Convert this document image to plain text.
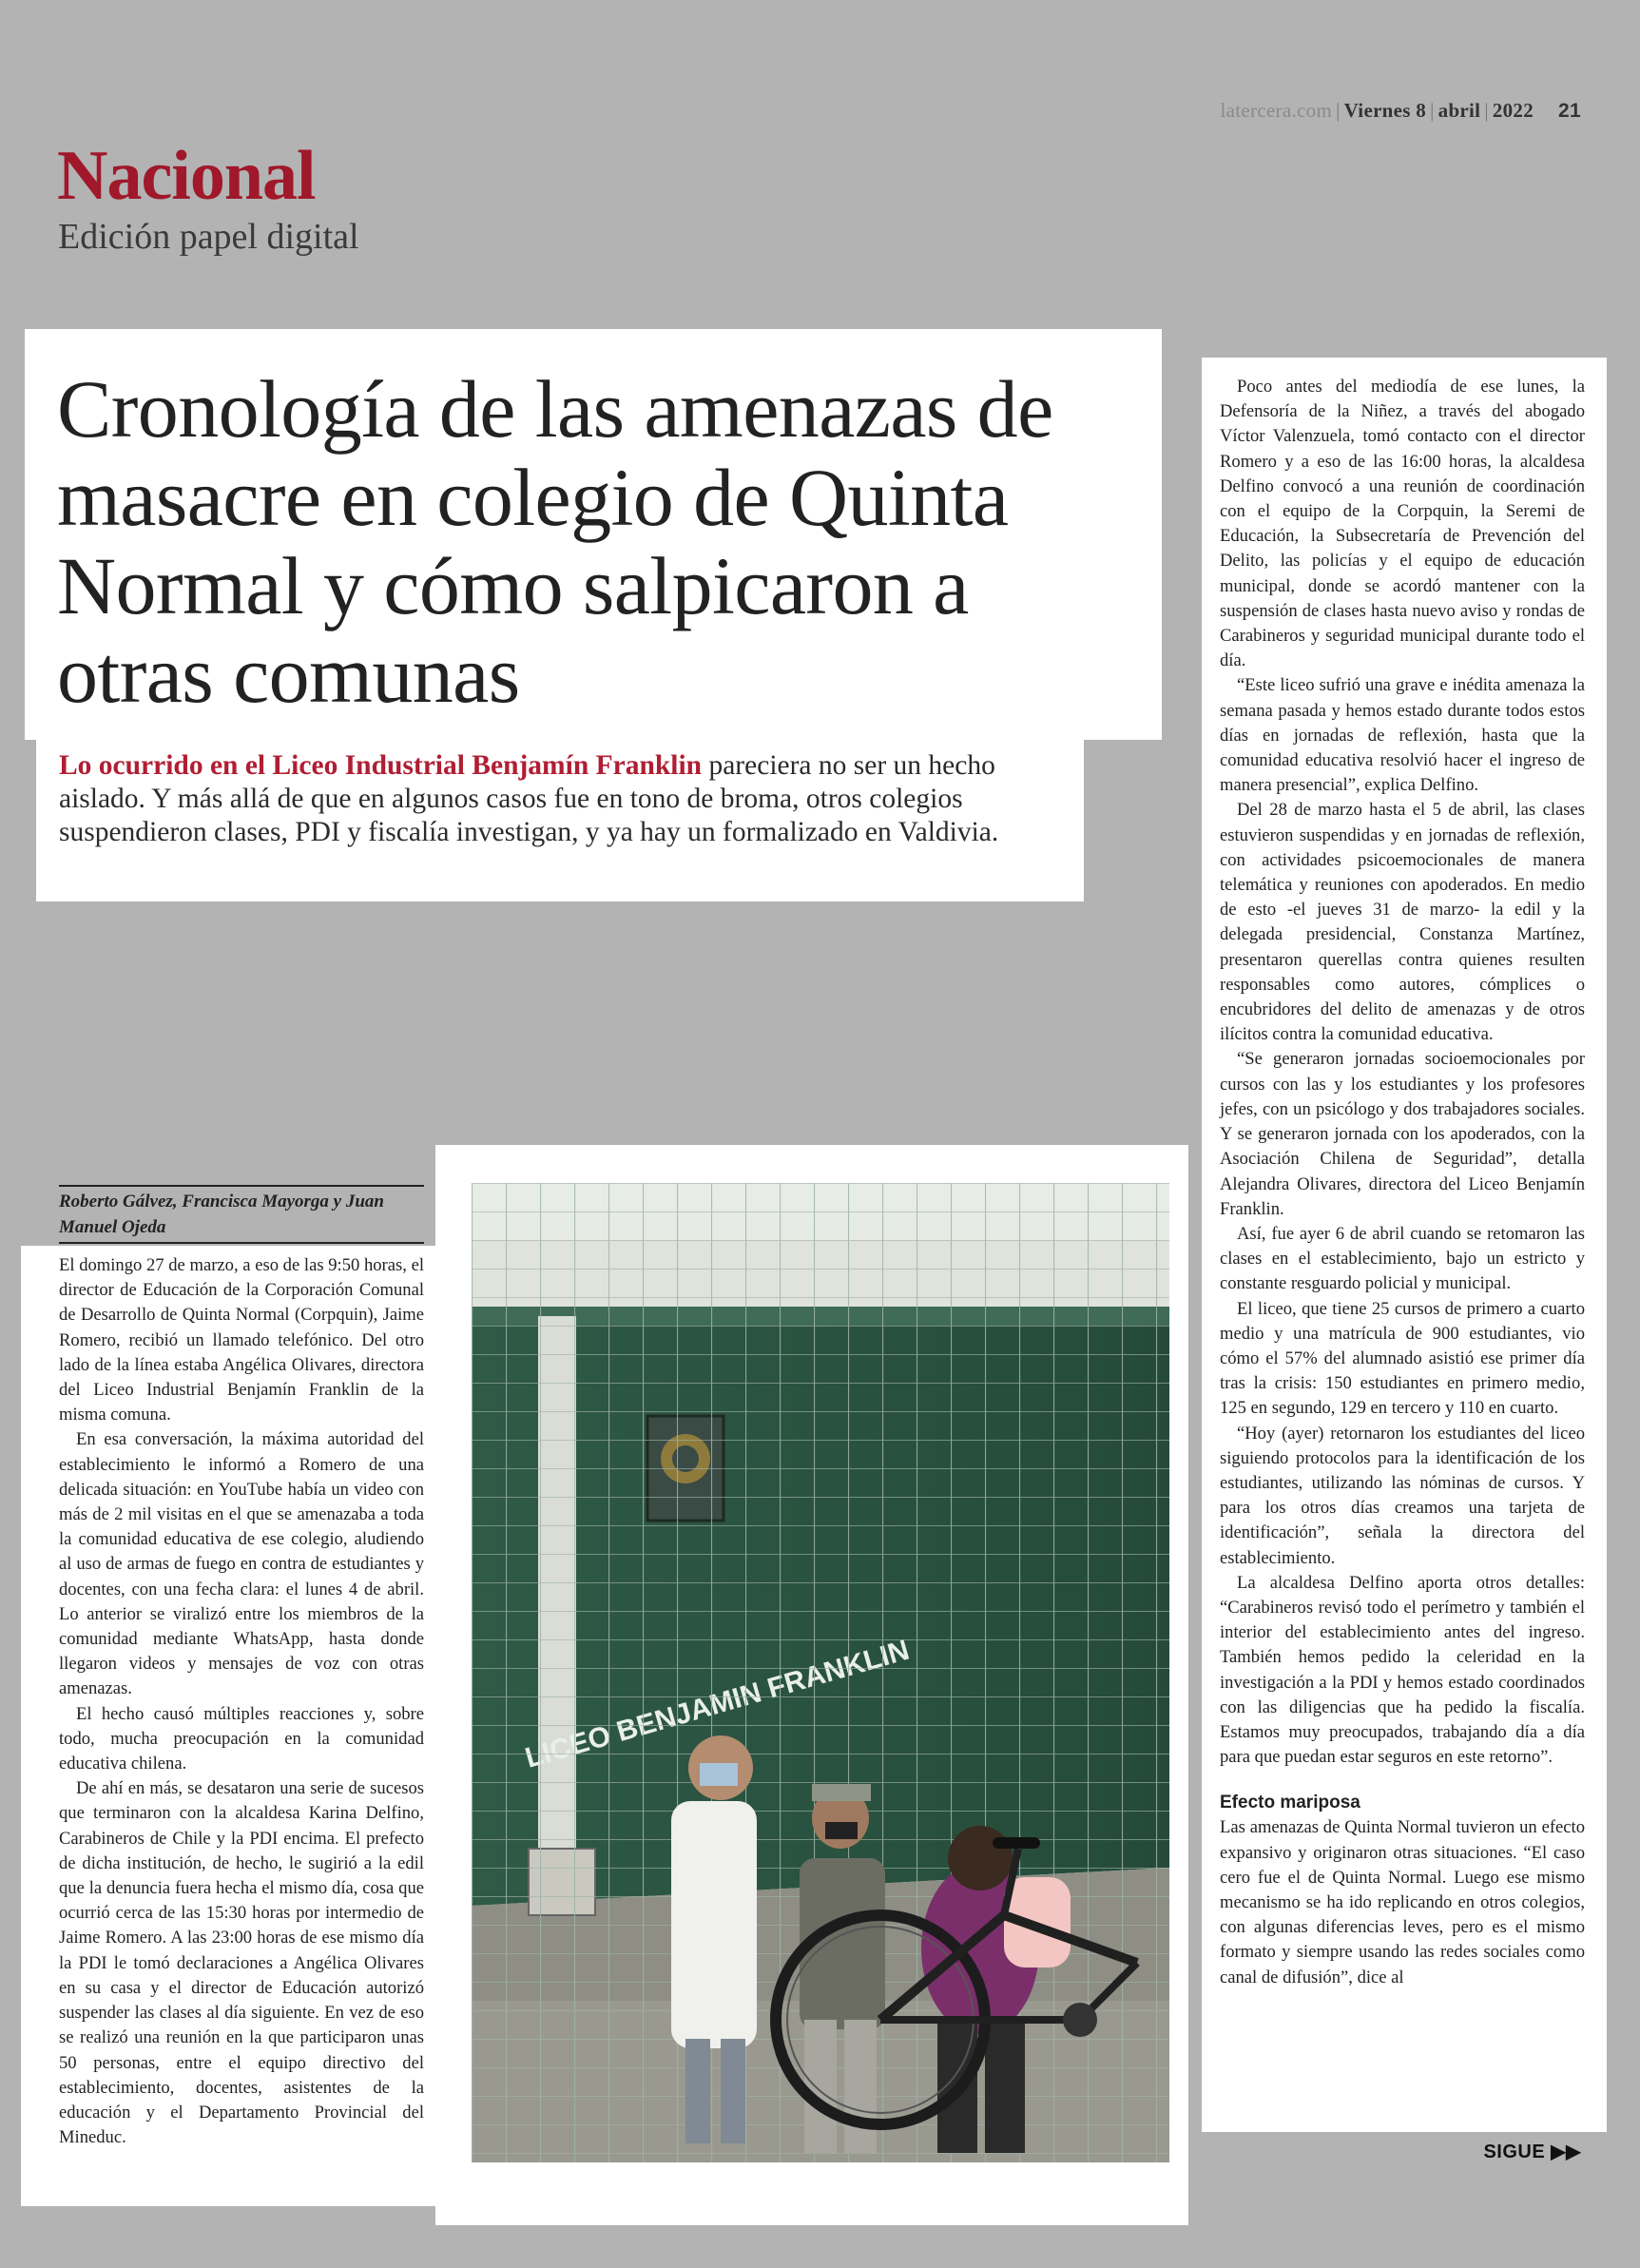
latercera.com | Viernes 8 | abril | 2022 21
Nacional
Edición papel digital
Cronología de las amenazas de masacre en colegio de Quinta Normal y cómo salpicaron a otras comunas

Lo ocurrido en el Liceo Industrial Benjamín Franklin pareciera no ser un hecho aislado. Y más allá de que en algunos casos fue en tono de broma, otros colegios suspendieron clases, PDI y fiscalía investigan, y ya hay un formalizado en Valdivia.

Roberto Gálvez, Francisca Mayorga y Juan Manuel Ojeda

El domingo 27 de marzo, a eso de las 9:50 horas, el director de Educación de la Corporación Comunal de Desarrollo de Quinta Normal (Corpquin), Jaime Romero, recibió un llamado telefónico. Del otro lado de la línea estaba Angélica Olivares, directora del Liceo Industrial Benjamín Franklin de la misma comuna.

En esa conversación, la máxima autoridad del establecimiento le informó a Romero de una delicada situación: en YouTube había un video con más de 2 mil visitas en el que se amenazaba a toda la comunidad educativa de ese colegio, aludiendo al uso de armas de fuego en contra de estudiantes y docentes, con una fecha clara: el lunes 4 de abril. Lo anterior se viralizó entre los miembros de la comunidad mediante WhatsApp, hasta donde llegaron videos y mensajes de voz con otras amenazas.

El hecho causó múltiples reacciones y, sobre todo, mucha preocupación en la comunidad educativa chilena.

De ahí en más, se desataron una serie de sucesos que terminaron con la alcaldesa Karina Delfino, Carabineros de Chile y la PDI encima. El prefecto de dicha institución, de hecho, le sugirió a la edil que la denuncia fuera hecha el mismo día, cosa que ocurrió cerca de las 15:30 horas por intermedio de Jaime Romero. A las 23:00 horas de ese mismo día la PDI le tomó declaraciones a Angélica Olivares en su casa y el director de Educación autorizó suspender las clases al día siguiente. En vez de eso se realizó una reunión en la que participaron unas 50 personas, entre el equipo directivo del establecimiento, docentes, asistentes de la educación y el Departamento Provincial del Mineduc.

Poco antes del mediodía de ese lunes, la Defensoría de la Niñez, a través del abogado Víctor Valenzuela, tomó contacto con el director Romero y a eso de las 16:00 horas, la alcaldesa Delfino convocó a una reunión de coordinación con el equipo de la Corpquin, la Seremi de Educación, la Subsecretaría de Prevención del Delito, las policías y el equipo de educación municipal, donde se acordó mantener con la suspensión de clases hasta nuevo aviso y rondas de Carabineros y seguridad municipal durante todo el día.

“Este liceo sufrió una grave e inédita amenaza la semana pasada y hemos estado durante todos estos días en jornadas de reflexión, hasta que la comunidad educativa resolvió hacer el ingreso de manera presencial”, explica Delfino.

Del 28 de marzo hasta el 5 de abril, las clases estuvieron suspendidas y en jornadas de reflexión, con actividades psicoemocionales de manera telemática y reuniones con apoderados. En medio de esto -el jueves 31 de marzo- la edil y la delegada presidencial, Constanza Martínez, presentaron querellas contra quienes resulten responsables como autores, cómplices o encubridores del delito de amenazas y de otros ilícitos contra la comunidad educativa.

“Se generaron jornadas socioemocionales por cursos con las y los estudiantes y los profesores jefes, con un psicólogo y dos trabajadores sociales. Y se generaron jornada con los apoderados, con la Asociación Chilena de Seguridad”, detalla Alejandra Olivares, directora del Liceo Benjamín Franklin.

Así, fue ayer 6 de abril cuando se retomaron las clases en el establecimiento, bajo un estricto y constante resguardo policial y municipal.

El liceo, que tiene 25 cursos de primero a cuarto medio y una matrícula de 900 estudiantes, vio cómo el 57% del alumnado asistió ese primer día tras la crisis: 150 estudiantes en primero medio, 125 en segundo, 129 en tercero y 110 en cuarto.

“Hoy (ayer) retornaron los estudiantes del liceo siguiendo protocolos para la identificación de los estudiantes, utilizando las nóminas de cursos. Y para los otros días creamos una tarjeta de identificación”, señala la directora del establecimiento.

La alcaldesa Delfino aporta otros detalles: “Carabineros revisó todo el perímetro y también el interior del establecimiento antes del ingreso. También hemos pedido la celeridad en la investigación a la PDI y hemos estado coordinados con las diligencias que ha pedido la fiscalía. Estamos muy preocupados, trabajando día a día para que puedan estar seguros en este retorno”.

Efecto mariposa

Las amenazas de Quinta Normal tuvieron un efecto expansivo y originaron otras situaciones. “El caso cero fue el de Quinta Normal. Luego ese mismo mecanismo se ha ido replicando en otros colegios, con algunas diferencias leves, pero es el mismo formato y siempre usando las redes sociales como canal de difusión”, dice al

SIGUE ▶▶
